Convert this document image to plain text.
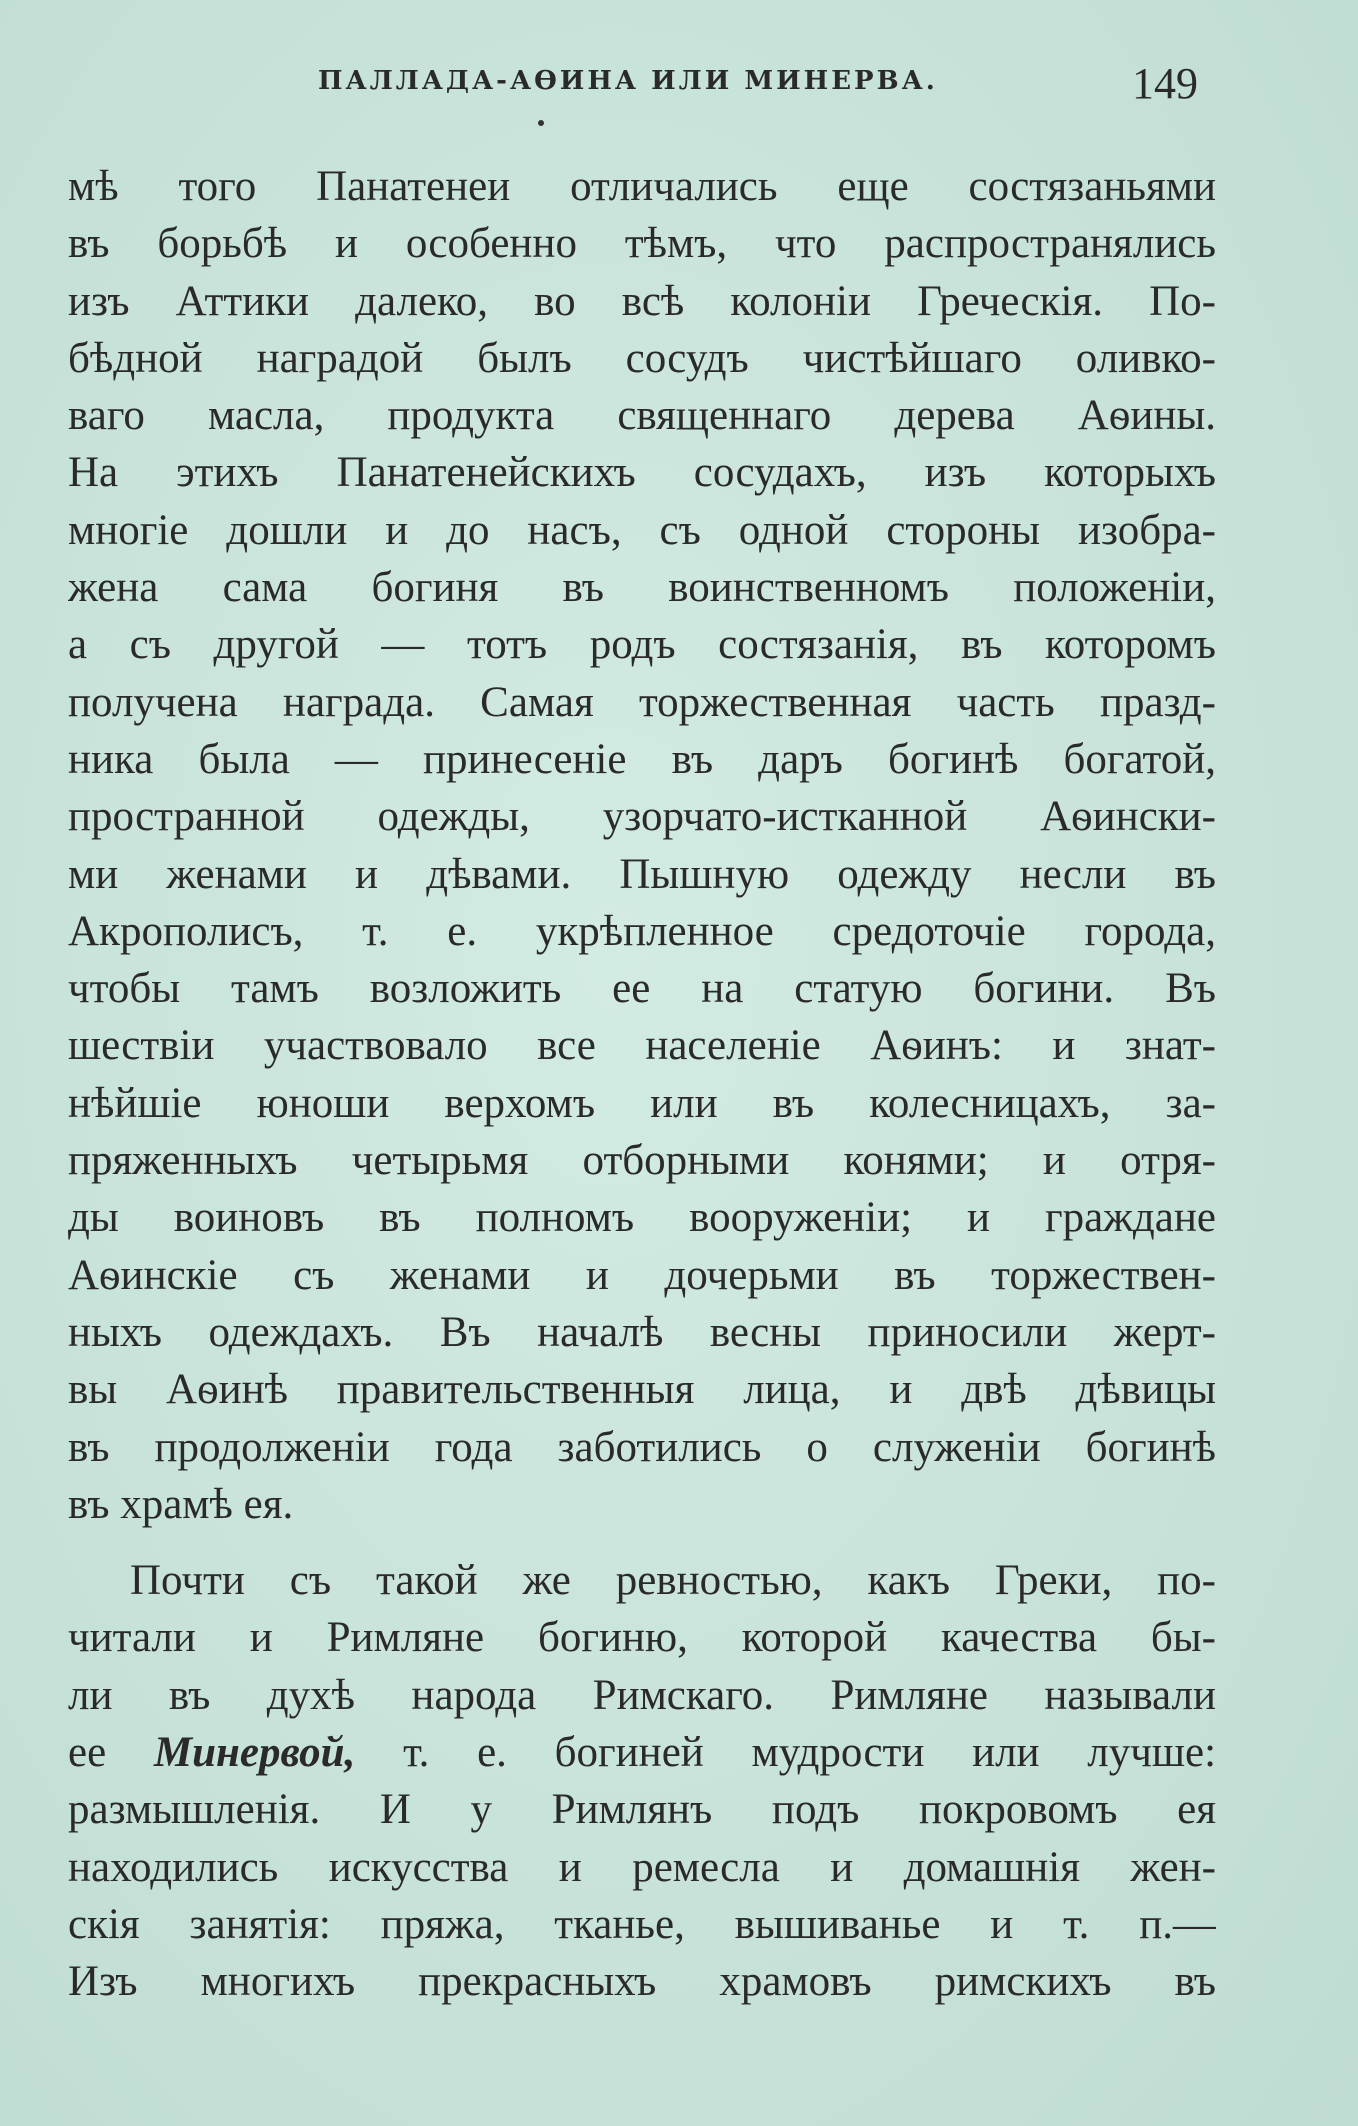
ПАЛЛАДА-АѲИНА ИЛИ МИНЕРВА.	149
мѣ того Панатенеи отличались еще состязаньями
въ борьбѣ и особенно тѣмъ, что распространялись
изъ Аттики далеко, во всѣ колоніи Греческія. По-
бѣдной наградой былъ сосудъ чистѣйшаго оливко-
ваго масла, продукта священнаго дерева Аѳины.
На этихъ Панатенейскихъ сосудахъ, изъ которыхъ
многіе дошли и до насъ, съ одной стороны изобра-
жена сама богиня въ воинственномъ положеніи,
а съ другой — тотъ родъ состязанія, въ которомъ
получена награда. Самая торжественная часть празд-
ника была — принесеніе въ даръ богинѣ богатой,
пространной одежды, узорчато-истканной Аѳински-
ми женами и дѣвами. Пышную одежду несли въ
Акрополисъ, т. е. укрѣпленное средоточіе города,
чтобы тамъ возложить ее на статую богини. Въ
шествіи участвовало все населеніе Аѳинъ: и знат-
нѣйшіе юноши верхомъ или въ колесницахъ, за-
пряженныхъ четырьмя отборными конями; и отря-
ды воиновъ въ полномъ вооруженіи; и граждане
Аѳинскіе съ женами и дочерьми въ торжествен-
ныхъ одеждахъ. Въ началѣ весны приносили жерт-
вы Аѳинѣ правительственныя лица, и двѣ дѣвицы
въ продолженіи года заботились о служеніи богинѣ
въ храмѣ ея.
Почти съ такой же ревностью, какъ Греки, по-
читали и Римляне богиню, которой качества бы-
ли въ духѣ народа Римскаго. Римляне называли
ее Минервой, т. е. богиней мудрости или лучше:
размышленія. И у Римлянъ подъ покровомъ ея
находились искусства и ремесла и домашнія жен-
скія занятія: пряжа, тканье, вышиванье и т. п.—
Изъ многихъ прекрасныхъ храмовъ римскихъ въ
